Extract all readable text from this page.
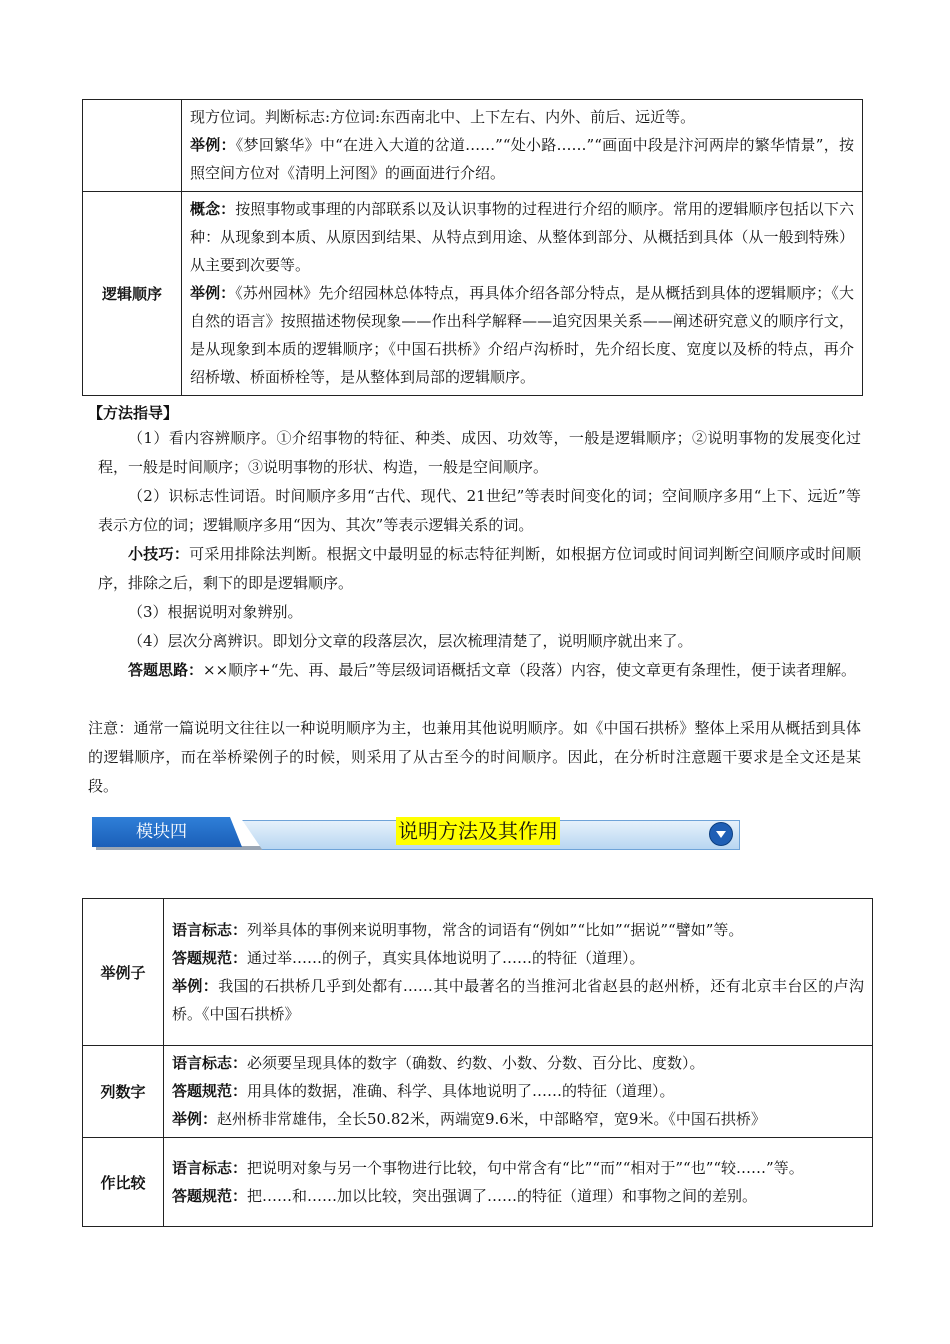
	现方位词。判断标志:方位词:东西南北中、上下左右、内外、前后、远近等。
举例：《梦回繁华》中“在进入大道的岔道……”“处小路……”“画面中段是汴河两岸的繁华情景”，按照空间方位对《清明上河图》的画面进行介绍。

逻辑顺序	概念：按照事物或事理的内部联系以及认识事物的过程进行介绍的顺序。常用的逻辑顺序包括以下六种：从现象到本质、从原因到结果、从特点到用途、从整体到部分、从概括到具体（从一般到特殊）从主要到次要等。
举例：《苏州园林》先介绍园林总体特点，再具体介绍各部分特点，是从概括到具体的逻辑顺序；《大自然的语言》按照描述物侯现象——作出科学解释——追究因果关系——阐述研究意义的顺序行文，是从现象到本质的逻辑顺序；《中国石拱桥》介绍卢沟桥时，先介绍长度、宽度以及桥的特点，再介绍桥墩、桥面桥栓等，是从整体到局部的逻辑顺序。
【方法指导】
（1）看内容辨顺序。①介绍事物的特征、种类、成因、功效等，一般是逻辑顺序；②说明事物的发展变化过程，一般是时间顺序；③说明事物的形状、构造，一般是空间顺序。
（2）识标志性词语。时间顺序多用“古代、现代、21世纪”等表时间变化的词；空间顺序多用“上下、远近”等表示方位的词；逻辑顺序多用“因为、其次”等表示逻辑关系的词。
小技巧：可采用排除法判断。根据文中最明显的标志特征判断，如根据方位词或时间词判断空间顺序或时间顺序，排除之后，剩下的即是逻辑顺序。
（3）根据说明对象辨别。
（4）层次分离辨识。即划分文章的段落层次，层次梳理清楚了，说明顺序就出来了。
答题思路：××顺序+“先、再、最后”等层级词语概括文章（段落）内容，使文章更有条理性，便于读者理解。
注意：通常一篇说明文往往以一种说明顺序为主，也兼用其他说明顺序。如《中国石拱桥》整体上采用从概括到具体的逻辑顺序，而在举桥梁例子的时候，则采用了从古至今的时间顺序。因此，在分析时注意题干要求是全文还是某段。
模块四	说明方法及其作用
举例子	语言标志：列举具体的事例来说明事物，常含的词语有“例如”“比如”“据说”“譬如”等。
答题规范：通过举……的例子，真实具体地说明了……的特征（道理）。
举例：我国的石拱桥几乎到处都有……其中最著名的当推河北省赵县的赵州桥，还有北京丰台区的卢沟桥。《中国石拱桥》

列数字	语言标志：必须要呈现具体的数字（确数、约数、小数、分数、百分比、度数）。
答题规范：用具体的数据，准确、科学、具体地说明了……的特征（道理）。
举例：赵州桥非常雄伟，全长50.82米，两端宽9.6米，中部略窄，宽9米。《中国石拱桥》

作比较	语言标志：把说明对象与另一个事物进行比较，句中常含有“比”“而”“相对于”“也”“较……”等。
答题规范：把……和……加以比较，突出强调了……的特征（道理）和事物之间的差别。
